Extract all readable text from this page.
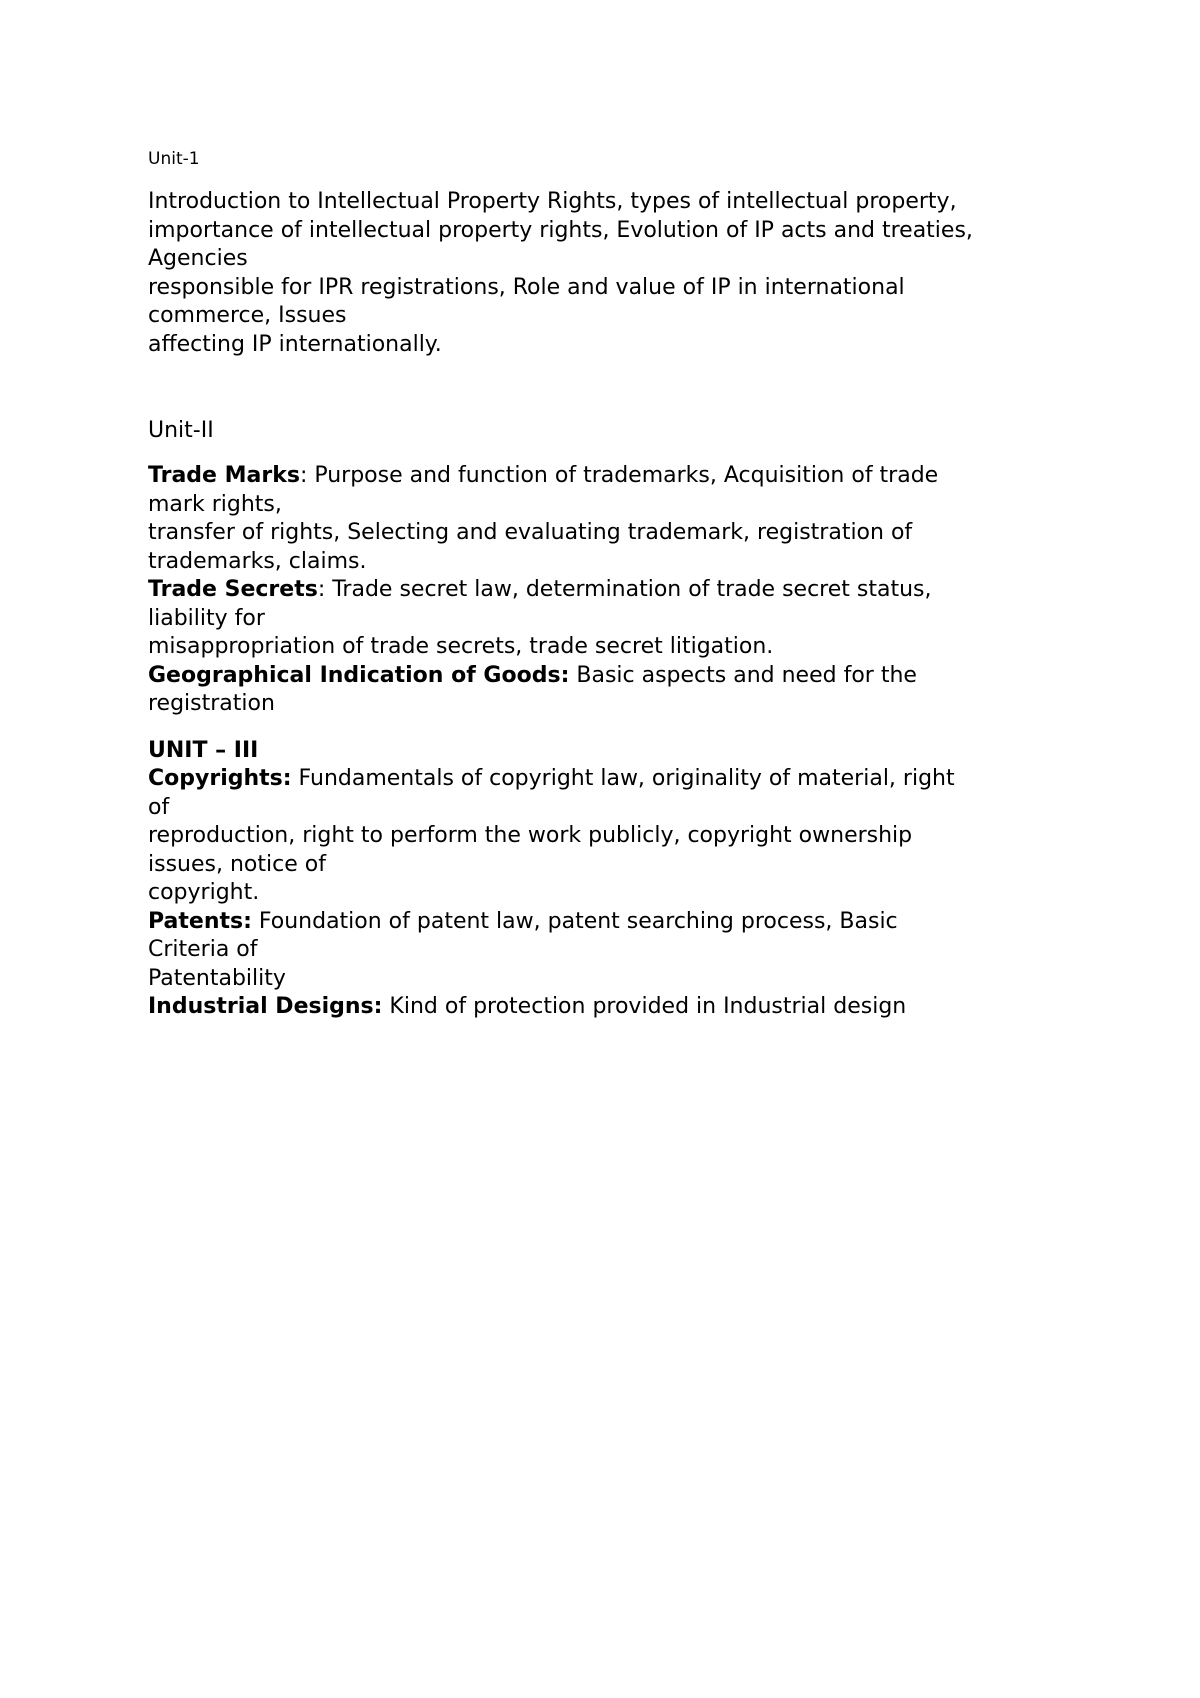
Unit-1

Introduction to Intellectual Property Rights, types of intellectual property,

importance of intellectual property rights, Evolution of IP acts and treaties,

Agencies

responsible for IPR registrations, Role and value of IP in international

commerce, Issues

affecting IP internationally.

Unit-II

Trade Marks: Purpose and function of trademarks, Acquisition of trade

mark rights,

transfer of rights, Selecting and evaluating trademark, registration of

trademarks, claims.

Trade Secrets: Trade secret law, determination of trade secret status,

liability for

misappropriation of trade secrets, trade secret litigation.

Geographical Indication of Goods: Basic aspects and need for the

registration

UNIT – III

Copyrights: Fundamentals of copyright law, originality of material, right

of

reproduction, right to perform the work publicly, copyright ownership

issues, notice of

copyright.

Patents: Foundation of patent law, patent searching process, Basic

Criteria of

Patentability

Industrial Designs: Kind of protection provided in Industrial design
